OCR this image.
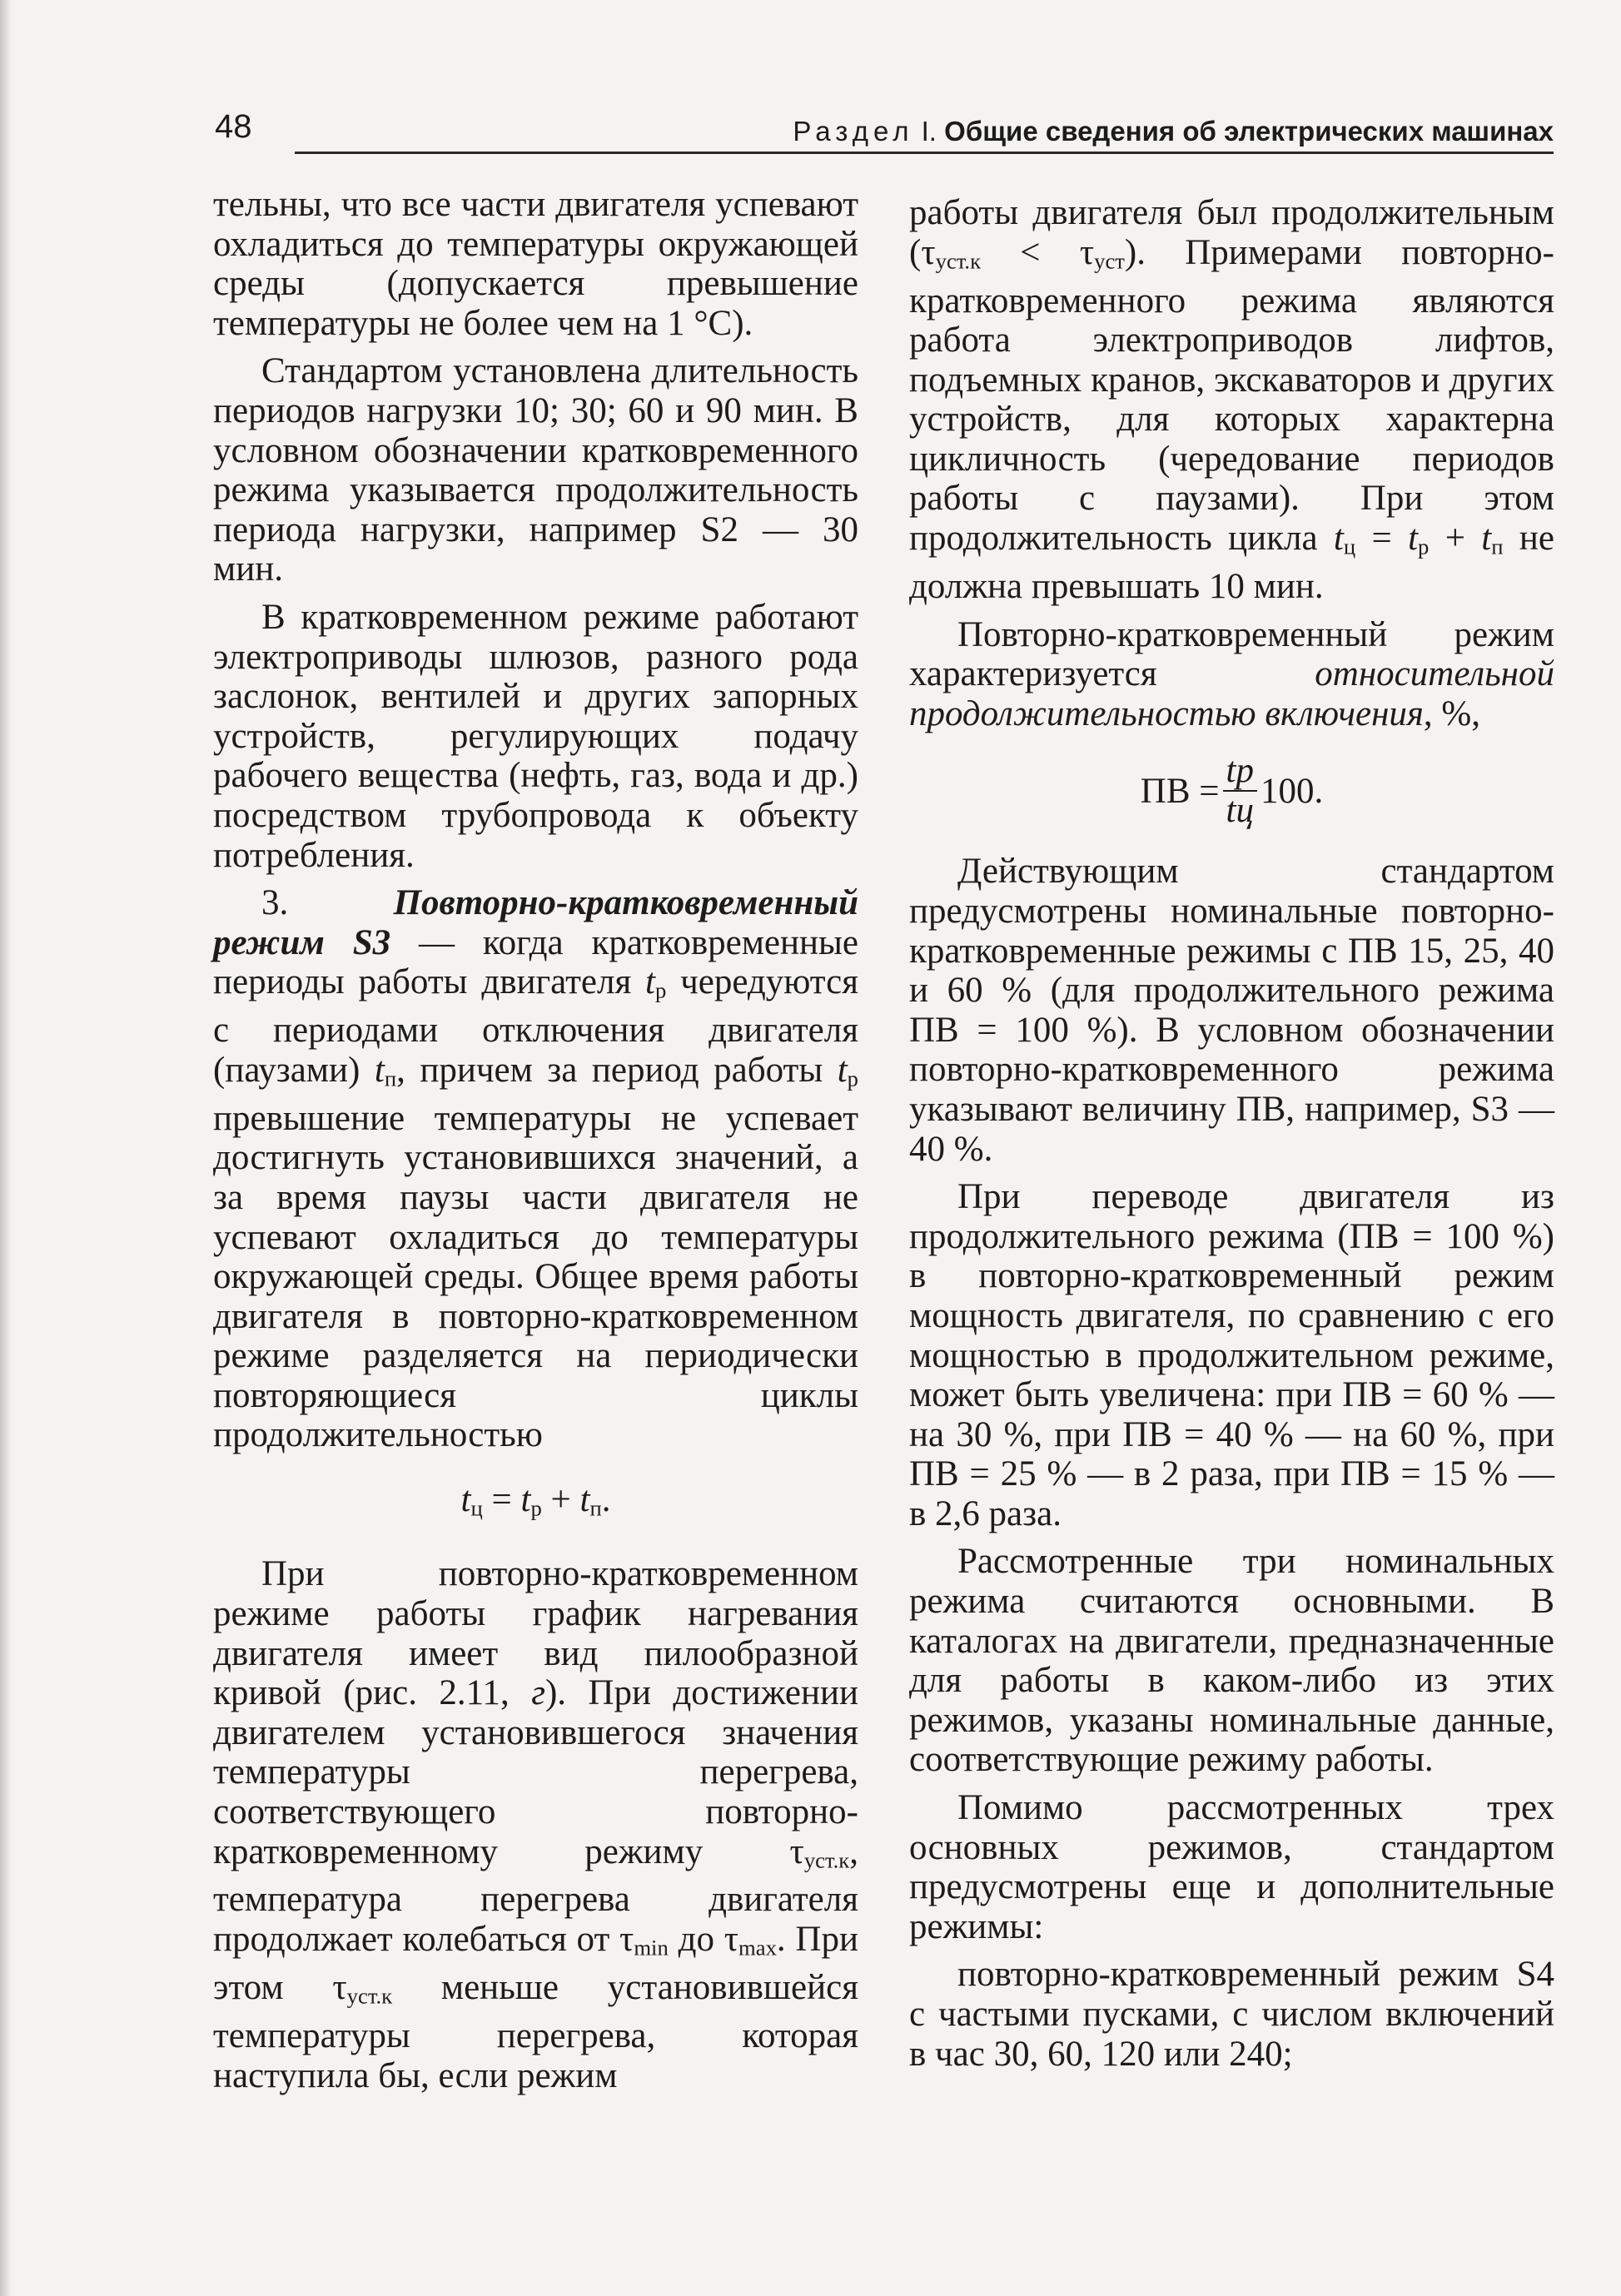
48	Раздел I. Общие сведения об электрических машинах

тельны, что все части двигателя успевают охладиться до температуры окружающей среды (допускается превышение температуры не более чем на 1 °С).

Стандартом установлена длительность периодов нагрузки 10; 30; 60 и 90 мин. В условном обозначении кратковременного режима указывается продолжительность периода нагрузки, например S2 — 30 мин.

В кратковременном режиме работают электроприводы шлюзов, разного рода заслонок, вентилей и других запорных устройств, регулирующих подачу рабочего вещества (нефть, газ, вода и др.) посредством трубопровода к объекту потребления.

3.	Повторно-кратковременный режим S3 — когда кратковременные периоды работы двигателя $t_р$ чередуются с периодами отключения двигателя (паузами) $t_п$, причем за период работы $t_р$ превышение температуры не успевает достигнуть установившихся значений, а за время паузы части двигателя не успевают охладиться до температуры окружающей среды. Общее время работы двигателя в повторно-кратковременном режиме разделяется на периодически повторяющиеся циклы продолжительностью

$t_ц = t_р + t_п$.

При повторно-кратковременном режиме работы график нагревания двигателя имеет вид пилообразной кривой (рис. 2.11, г). При достижении двигателем установившегося значения температуры перегрева, соответствующего повторно-кратковременному режиму $\tau_{уст.к}$, температура перегрева двигателя продолжает колебаться от $\tau_{min}$ до $\tau_{max}$. При этом $\tau_{уст.к}$ меньше установившейся температуры перегрева, которая наступила бы, если режим

работы двигателя был продолжительным $(\tau_{уст.к} < \tau_{уст})$. Примерами повторно-кратковременного режима являются работа электроприводов лифтов, подъемных кранов, экскаваторов и других устройств, для которых характерна цикличность (чередование периодов работы с паузами). При этом продолжительность цикла $t_ц = t_р + t_п$ не должна превышать 10 мин.

Повторно-кратковременный режим характеризуется относительной продолжительностью включения, %,

ПВ = $\frac{tр}{tц} 100$.

Действующим стандартом предусмотрены номинальные повторно-кратковременные режимы с ПВ 15, 25, 40 и 60 % (для продолжительного режима ПВ = 100 %). В условном обозначении повторно-кратковременного режима указывают величину ПВ, например, S3 — 40 %.

При переводе двигателя из продолжительного режима (ПВ = 100 %) в повторно-кратковременный режим мощность двигателя, по сравнению с его мощностью в продолжительном режиме, может быть увеличена: при ПВ = 60 % — на 30 %, при ПВ = 40 % — на 60 %, при ПВ = 25 % — в 2 раза, при ПВ = 15 % — в 2,6 раза.

Рассмотренные три номинальных режима считаются основными. В каталогах на двигатели, предназначенные для работы в каком-либо из этих режимов, указаны номинальные данные, соответствующие режиму работы.

Помимо рассмотренных трех основных режимов, стандартом предусмотрены еще и дополнительные режимы:

повторно-кратковременный режим S4 с частыми пусками, с числом включений в час 30, 60, 120 или 240;
